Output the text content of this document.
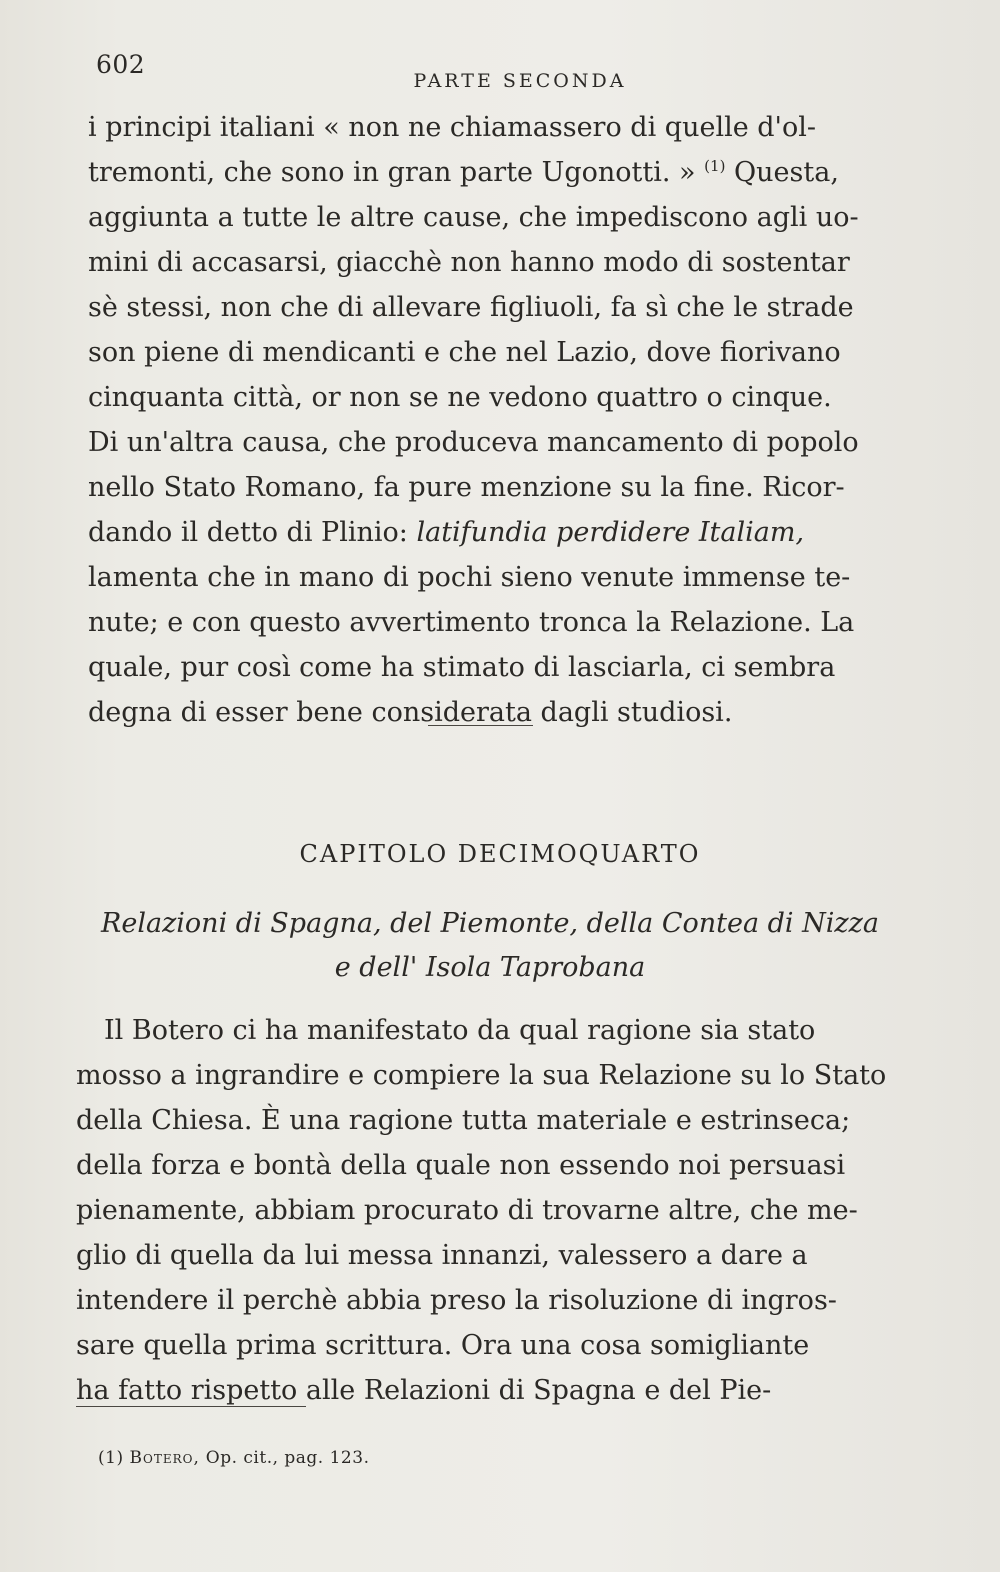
602
PARTE SECONDA

i principi italiani « non ne chiamassero di quelle d'ol-
tremonti, che sono in gran parte Ugonotti. » $^{(1)}$ Questa,
aggiunta a tutte le altre cause, che impediscono agli uo-
mini di accasarsi, giacchè non hanno modo di sostentar
sè stessi, non che di allevare figliuoli, fa sì che le strade
son piene di mendicanti e che nel Lazio, dove fiorivano
cinquanta città, or non se ne vedono quattro o cinque.
Di un'altra causa, che produceva mancamento di popolo
nello Stato Romano, fa pure menzione su la fine. Ricor-
dando il detto di Plinio: latifundia perdidere Italiam,
lamenta che in mano di pochi sieno venute immense te-
nute; e con questo avvertimento tronca la Relazione. La
quale, pur così come ha stimato di lasciarla, ci sembra
degna di esser bene considerata dagli studiosi.

CAPITOLO DECIMOQUARTO
Relazioni di Spagna, del Piemonte, della Contea di Nizza
e dell' Isola Taprobana

Il Botero ci ha manifestato da qual ragione sia stato
mosso a ingrandire e compiere la sua Relazione su lo Stato
della Chiesa. È una ragione tutta materiale e estrinseca;
della forza e bontà della quale non essendo noi persuasi
pienamente, abbiam procurato di trovarne altre, che me-
glio di quella da lui messa innanzi, valessero a dare a
intendere il perchè abbia preso la risoluzione di ingros-
sare quella prima scrittura. Ora una cosa somigliante
ha fatto rispetto alle Relazioni di Spagna e del Pie-

(1) Botero, Op. cit., pag. 123.
